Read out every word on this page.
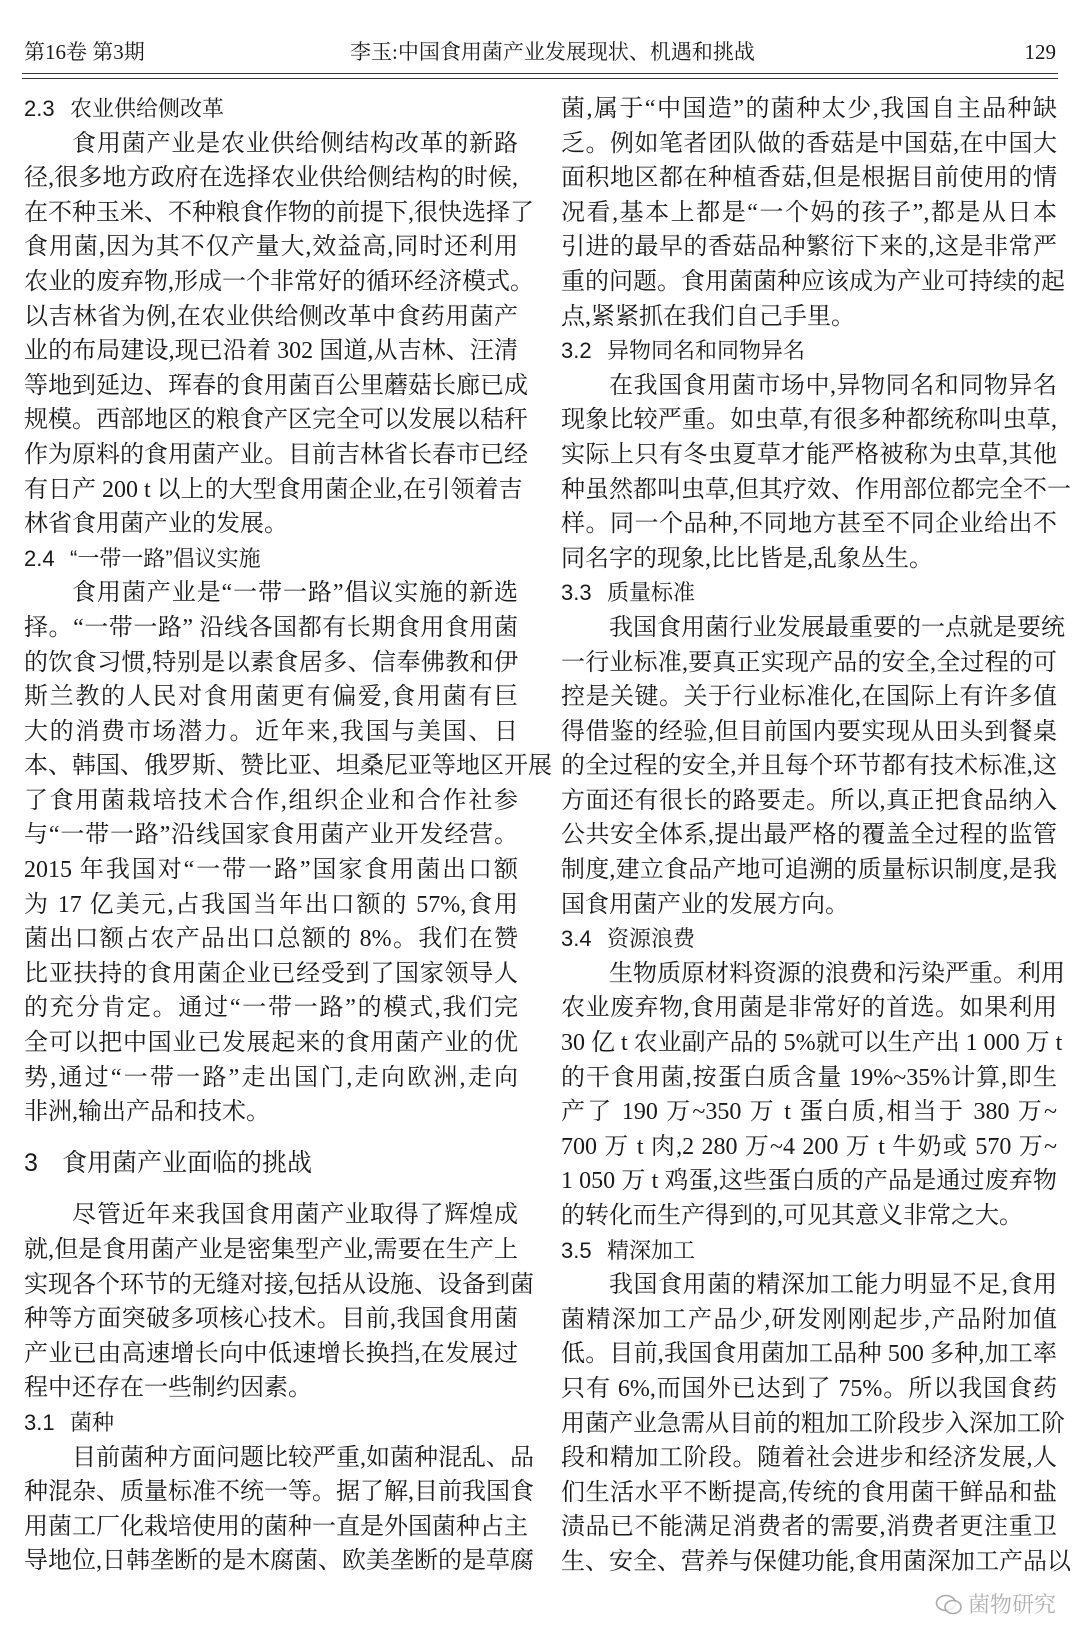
第16卷 第3期	李玉:中国食用菌产业发展现状、机遇和挑战	129
2.3 农业供给侧改革
食用菌产业是农业供给侧结构改革的新路
径,很多地方政府在选择农业供给侧结构的时候,
在不种玉米、不种粮食作物的前提下,很快选择了
食用菌,因为其不仅产量大,效益高,同时还利用
农业的废弃物,形成一个非常好的循环经济模式。
以吉林省为例,在农业供给侧改革中食药用菌产
业的布局建设,现已沿着 302 国道,从吉林、汪清
等地到延边、珲春的食用菌百公里蘑菇长廊已成
规模。西部地区的粮食产区完全可以发展以秸秆
作为原料的食用菌产业。目前吉林省长春市已经
有日产 200 t 以上的大型食用菌企业,在引领着吉
林省食用菌产业的发展。
2.4 “一带一路”倡议实施
食用菌产业是“一带一路”倡议实施的新选
择。“一带一路” 沿线各国都有长期食用食用菌
的饮食习惯,特别是以素食居多、信奉佛教和伊
斯兰教的人民对食用菌更有偏爱,食用菌有巨
大的消费市场潜力。近年来,我国与美国、日
本、韩国、俄罗斯、赞比亚、坦桑尼亚等地区开展
了食用菌栽培技术合作,组织企业和合作社参
与“一带一路”沿线国家食用菌产业开发经营。
2015 年我国对“一带一路”国家食用菌出口额
为 17 亿美元,占我国当年出口额的 57%,食用
菌出口额占农产品出口总额的 8%。我们在赞
比亚扶持的食用菌企业已经受到了国家领导人
的充分肯定。通过“一带一路”的模式,我们完
全可以把中国业已发展起来的食用菌产业的优
势,通过“一带一路”走出国门,走向欧洲,走向
非洲,输出产品和技术。
3 食用菌产业面临的挑战
尽管近年来我国食用菌产业取得了辉煌成
就,但是食用菌产业是密集型产业,需要在生产上
实现各个环节的无缝对接,包括从设施、设备到菌
种等方面突破多项核心技术。目前,我国食用菌
产业已由高速增长向中低速增长换挡,在发展过
程中还存在一些制约因素。
3.1 菌种
目前菌种方面问题比较严重,如菌种混乱、品
种混杂、质量标准不统一等。据了解,目前我国食
用菌工厂化栽培使用的菌种一直是外国菌种占主
导地位,日韩垄断的是木腐菌、欧美垄断的是草腐
菌,属于“中国造”的菌种太少,我国自主品种缺
乏。例如笔者团队做的香菇是中国菇,在中国大
面积地区都在种植香菇,但是根据目前使用的情
况看,基本上都是“一个妈的孩子”,都是从日本
引进的最早的香菇品种繁衍下来的,这是非常严
重的问题。食用菌菌种应该成为产业可持续的起
点,紧紧抓在我们自己手里。
3.2 异物同名和同物异名
在我国食用菌市场中,异物同名和同物异名
现象比较严重。如虫草,有很多种都统称叫虫草,
实际上只有冬虫夏草才能严格被称为虫草,其他
种虽然都叫虫草,但其疗效、作用部位都完全不一
样。同一个品种,不同地方甚至不同企业给出不
同名字的现象,比比皆是,乱象丛生。
3.3 质量标准
我国食用菌行业发展最重要的一点就是要统
一行业标准,要真正实现产品的安全,全过程的可
控是关键。关于行业标准化,在国际上有许多值
得借鉴的经验,但目前国内要实现从田头到餐桌
的全过程的安全,并且每个环节都有技术标准,这
方面还有很长的路要走。所以,真正把食品纳入
公共安全体系,提出最严格的覆盖全过程的监管
制度,建立食品产地可追溯的质量标识制度,是我
国食用菌产业的发展方向。
3.4 资源浪费
生物质原材料资源的浪费和污染严重。利用
农业废弃物,食用菌是非常好的首选。如果利用
30 亿 t 农业副产品的 5%就可以生产出 1 000 万 t
的干食用菌,按蛋白质含量 19%~35%计算,即生
产了 190 万~350 万 t 蛋白质,相当于 380 万~
700 万 t 肉,2 280 万~4 200 万 t 牛奶或 570 万~
1 050 万 t 鸡蛋,这些蛋白质的产品是通过废弃物
的转化而生产得到的,可见其意义非常之大。
3.5 精深加工
我国食用菌的精深加工能力明显不足,食用
菌精深加工产品少,研发刚刚起步,产品附加值
低。目前,我国食用菌加工品种 500 多种,加工率
只有 6%,而国外已达到了 75%。所以我国食药
用菌产业急需从目前的粗加工阶段步入深加工阶
段和精加工阶段。随着社会进步和经济发展,人
们生活水平不断提高,传统的食用菌干鲜品和盐
渍品已不能满足消费者的需要,消费者更注重卫
生、安全、营养与保健功能,食用菌深加工产品以
菌物研究
